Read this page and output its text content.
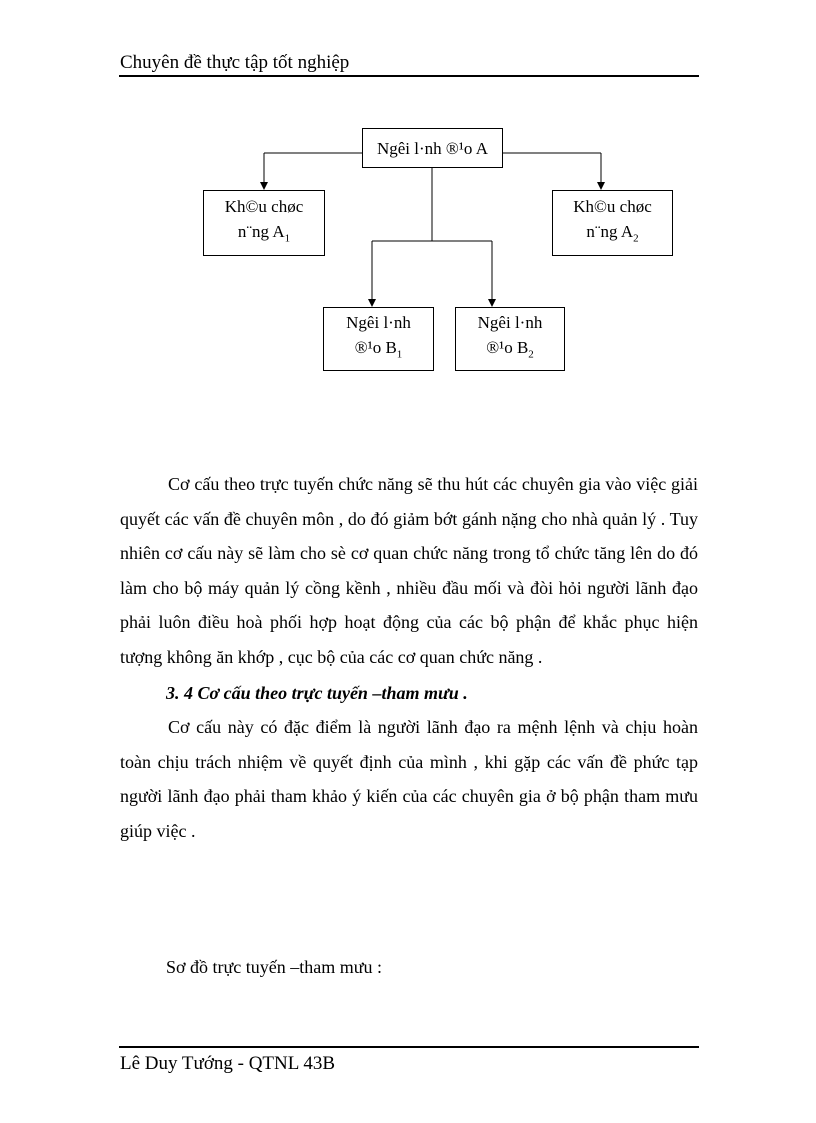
Chuyên đề thực tập tốt nghiệp
Ngêi l·nh ®¹o A
Kh©u chøc
n¨ng $A_1$
Kh©u chøc
n¨ng $A_2$
Ngêi l·nh
®¹o $B_1$
Ngêi l·nh
®¹o $B_2$

Cơ cấu theo trực tuyến chức năng sẽ thu hút các chuyên gia vào việc giải quyết các vấn đề chuyên môn , do đó giảm bớt gánh nặng cho nhà quản lý . Tuy nhiên cơ cấu này sẽ làm cho sè cơ quan chức năng trong tổ chức tăng lên do đó làm cho bộ máy quản lý cồng kềnh , nhiều đầu mối và đòi hỏi người lãnh đạo phải luôn điều hoà phối hợp hoạt động của các bộ phận để khắc phục hiện tượng không ăn khớp , cục bộ của các cơ quan chức năng .

3. 4 Cơ cấu theo trực tuyến –tham mưu .

Cơ cấu này có đặc điểm là người lãnh đạo ra mệnh lệnh và chịu hoàn toàn chịu trách nhiệm về quyết định của mình , khi gặp các vấn đề phức tạp người lãnh đạo phải tham khảo ý kiến của các chuyên gia ở bộ phận tham mưu giúp việc .

Sơ đồ trực tuyến –tham mưu :
Lê Duy Tướng - QTNL 43B
